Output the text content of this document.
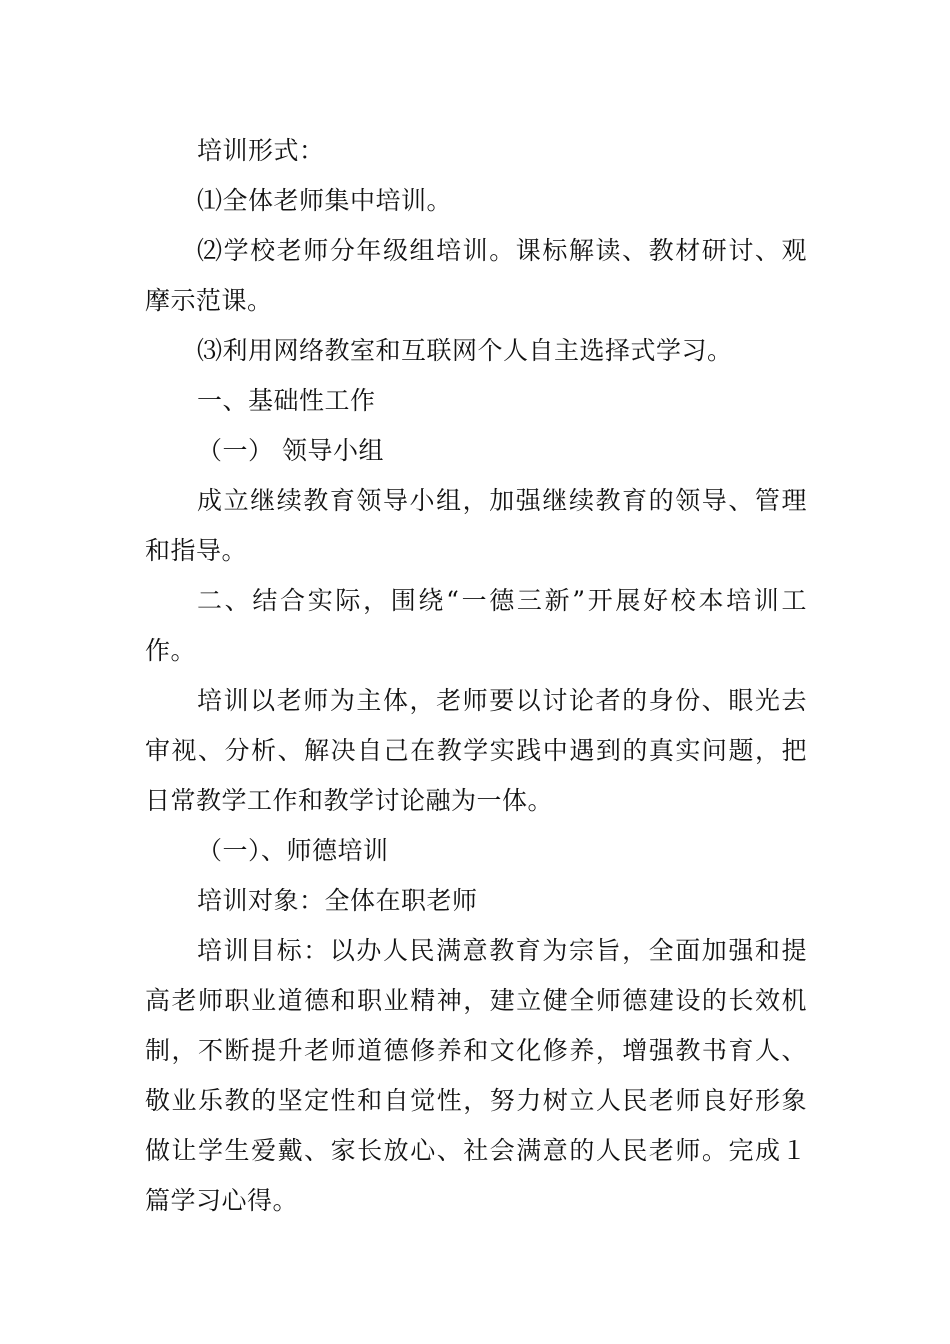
培训形式：

⑴全体老师集中培训。

⑵学校老师分年级组培训。课标解读、教材研讨、观摩示范课。

⑶利用网络教室和互联网个人自主选择式学习。

一、基础性工作

（一） 领导小组

成立继续教育领导小组，加强继续教育的领导、管理和指导。

二、结合实际，围绕“一德三新”开展好校本培训工作。

培训以老师为主体，老师要以讨论者的身份、眼光去审视、分析、解决自己在教学实践中遇到的真实问题，把日常教学工作和教学讨论融为一体。

（一）、师德培训

培训对象：全体在职老师

培训目标：以办人民满意教育为宗旨，全面加强和提高老师职业道德和职业精神，建立健全师德建设的长效机制，不断提升老师道德修养和文化修养，增强教书育人、敬业乐教的坚定性和自觉性，努力树立人民老师良好形象做让学生爱戴、家长放心、社会满意的人民老师。完成１篇学习心得。
